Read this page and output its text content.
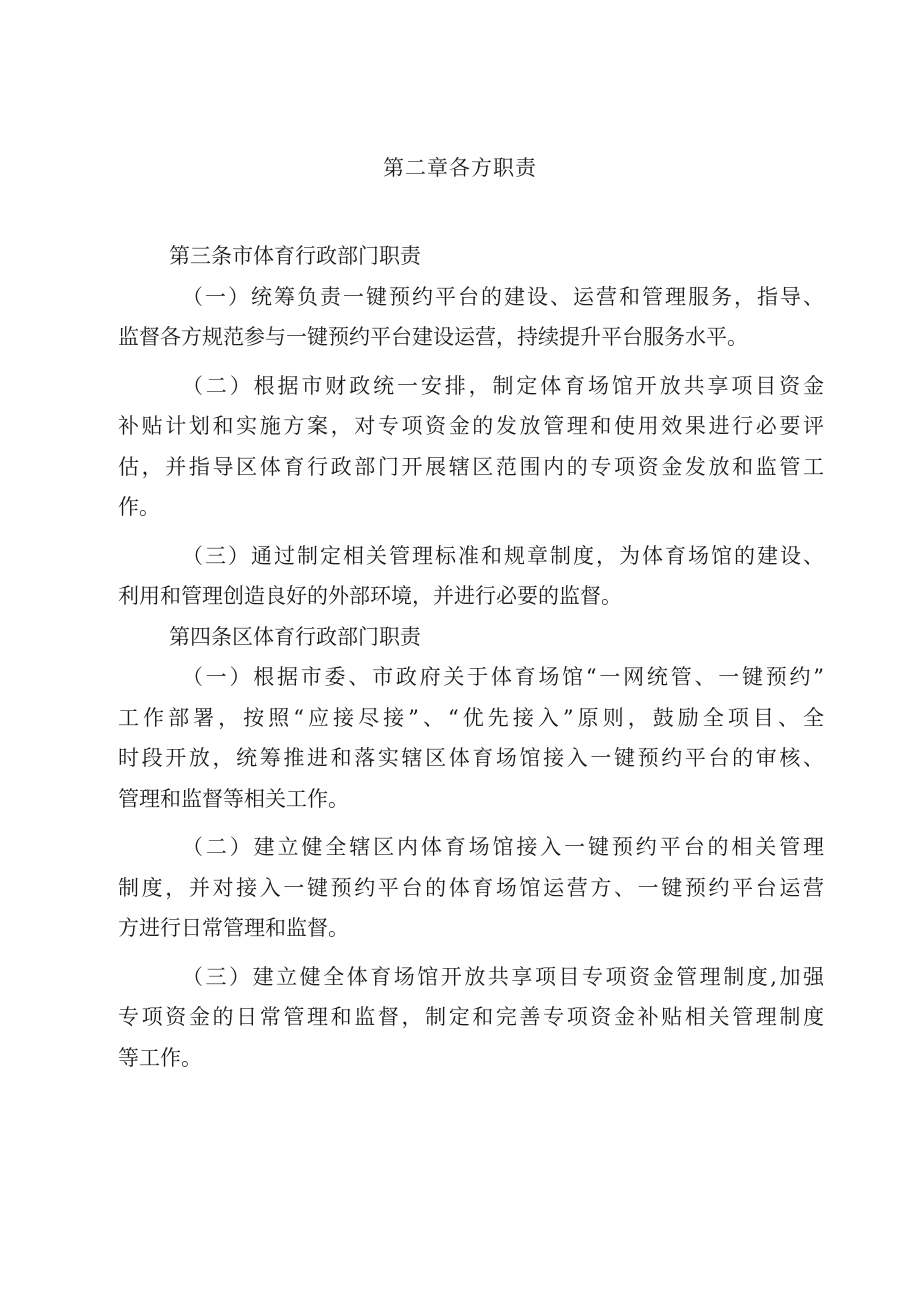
第二章各方职责
第三条市体育行政部门职责
（一）统筹负责一键预约平台的建设、运营和管理服务，指导、
监督各方规范参与一键预约平台建设运营，持续提升平台服务水平。
（二）根据市财政统一安排，制定体育场馆开放共享项目资金
补贴计划和实施方案，对专项资金的发放管理和使用效果进行必要评
估，并指导区体育行政部门开展辖区范围内的专项资金发放和监管工
作。
（三）通过制定相关管理标准和规章制度，为体育场馆的建设、
利用和管理创造良好的外部环境，并进行必要的监督。
第四条区体育行政部门职责
（一）根据市委、市政府关于体育场馆“一网统管、一键预约”
工作部署，按照“应接尽接”、“优先接入”原则，鼓励全项目、全
时段开放，统筹推进和落实辖区体育场馆接入一键预约平台的审核、
管理和监督等相关工作。
（二）建立健全辖区内体育场馆接入一键预约平台的相关管理
制度，并对接入一键预约平台的体育场馆运营方、一键预约平台运营
方进行日常管理和监督。
（三）建立健全体育场馆开放共享项目专项资金管理制度,加强
专项资金的日常管理和监督，制定和完善专项资金补贴相关管理制度
等工作。
